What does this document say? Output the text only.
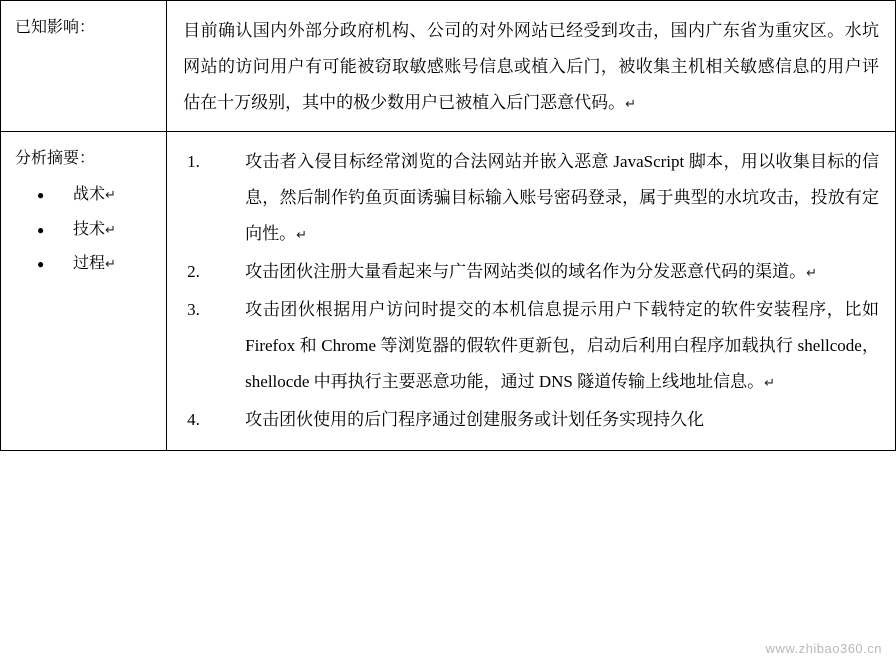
已知影响：	目前确认国内外部分政府机构、公司的对外网站已经受到攻击，国内广东省为重灾区。水坑网站的访问用户有可能被窃取敏感账号信息或植入后门，被收集主机相关敏感信息的用户评估在十万级别，其中的极少数用户已被植入后门恶意代码。↵

分析摘要：
● 战术↵
● 技术↵
● 过程↵

1.	攻击者入侵目标经常浏览的合法网站并嵌入恶意 JavaScript 脚本，用以收集目标的信息，然后制作钓鱼页面诱骗目标输入账号密码登录，属于典型的水坑攻击，投放有定向性。↵
2.	攻击团伙注册大量看起来与广告网站类似的域名作为分发恶意代码的渠道。↵
3.	攻击团伙根据用户访问时提交的本机信息提示用户下载特定的软件安装程序，比如 Firefox 和 Chrome 等浏览器的假软件更新包，启动后利用白程序加载执行 shellcode，shellocde 中再执行主要恶意功能，通过 DNS 隧道传输上线地址信息。↵
4.	攻击团伙使用的后门程序通过创建服务或计划任务实现持久化
www.zhibao360.cn
